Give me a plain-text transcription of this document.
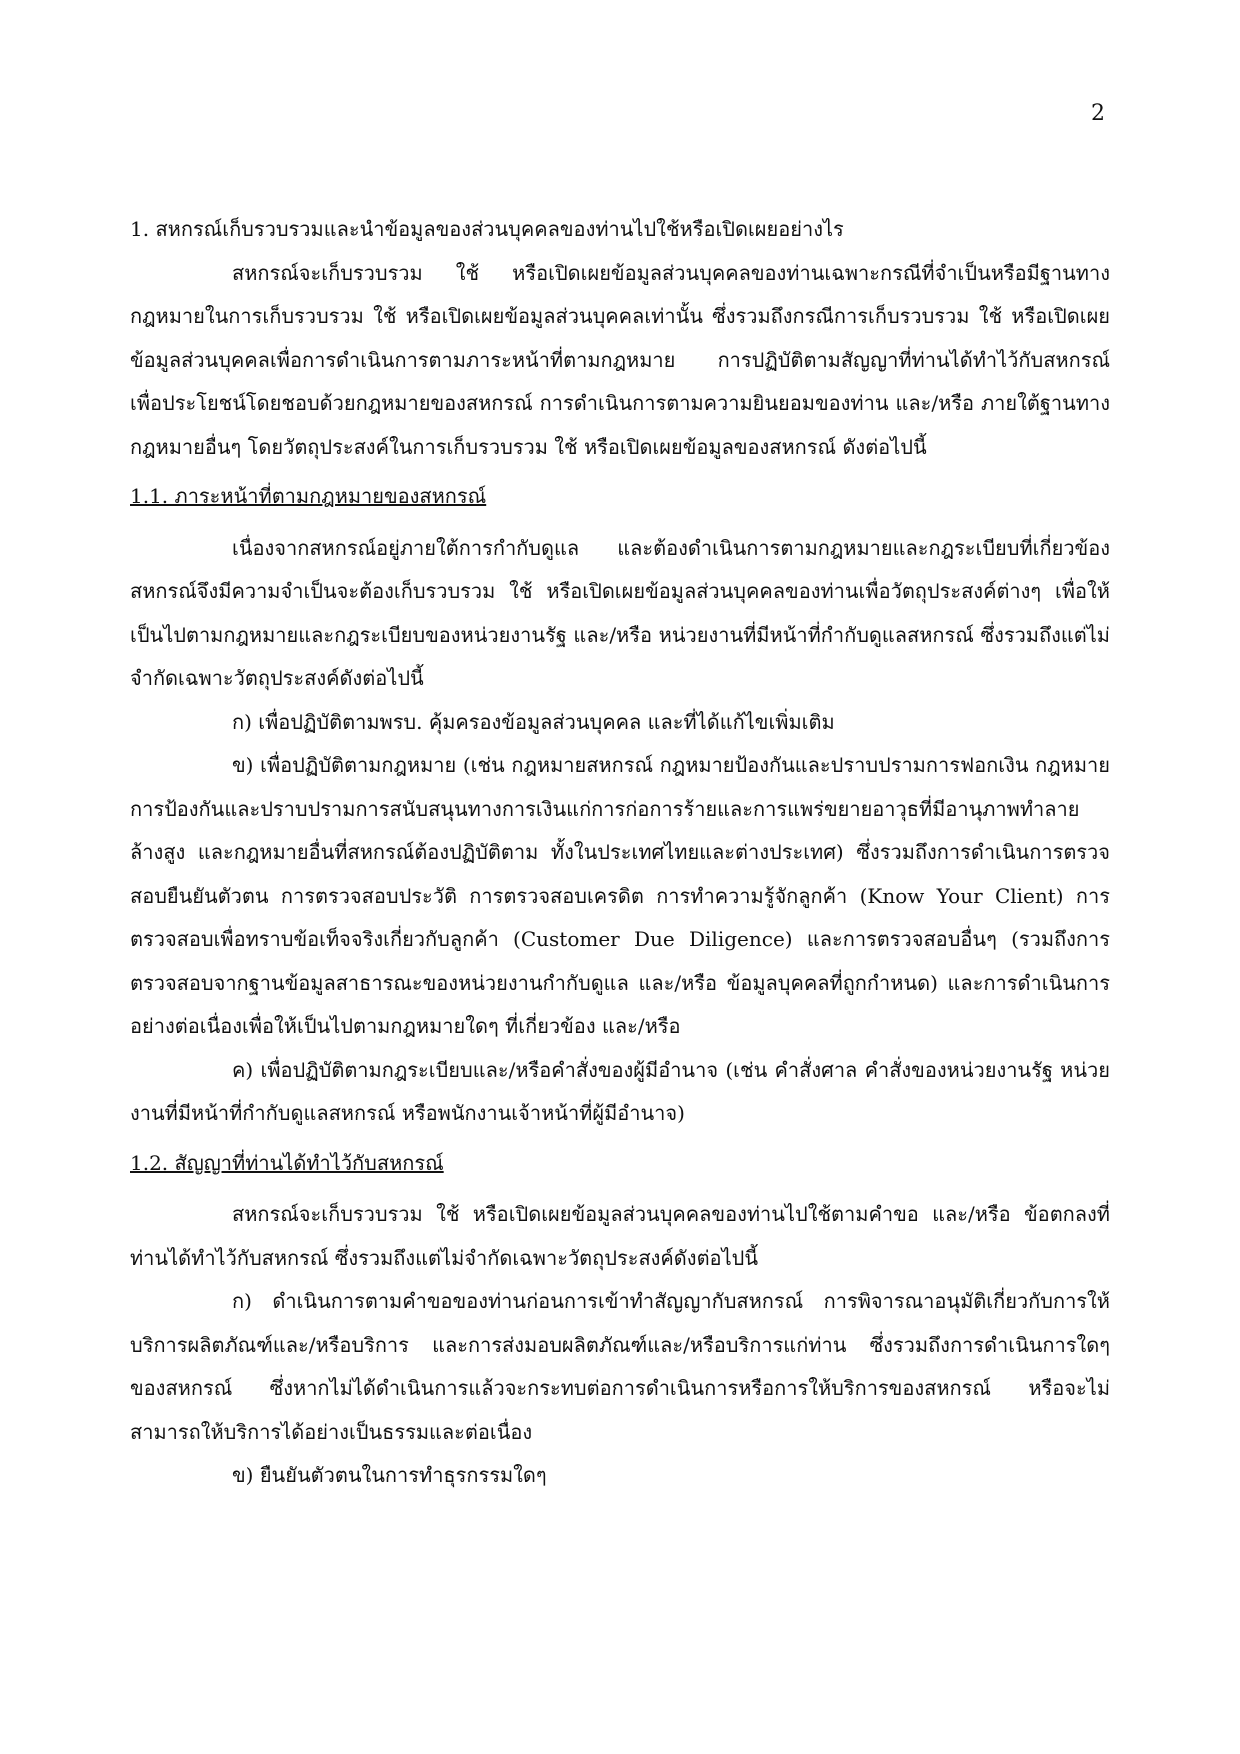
2

1. สหกรณ์เก็บรวบรวมและนำข้อมูลของส่วนบุคคลของท่านไปใช้หรือเปิดเผยอย่างไร

สหกรณ์จะเก็บรวบรวม ใช้ หรือเปิดเผยข้อมูลส่วนบุคคลของท่านเฉพาะกรณีที่จำเป็นหรือมีฐานทางกฎหมายในการเก็บรวบรวม ใช้ หรือเปิดเผยข้อมูลส่วนบุคคลเท่านั้น ซึ่งรวมถึงกรณีการเก็บรวบรวม ใช้ หรือเปิดเผยข้อมูลส่วนบุคคลเพื่อการดำเนินการตามภาระหน้าที่ตามกฎหมาย การปฏิบัติตามสัญญาที่ท่านได้ทำไว้กับสหกรณ์ เพื่อประโยชน์โดยชอบด้วยกฎหมายของสหกรณ์ การดำเนินการตามความยินยอมของท่าน และ/หรือ ภายใต้ฐานทางกฎหมายอื่นๆ โดยวัตถุประสงค์ในการเก็บรวบรวม ใช้ หรือเปิดเผยข้อมูลของสหกรณ์ ดังต่อไปนี้

1.1. ภาระหน้าที่ตามกฎหมายของสหกรณ์

เนื่องจากสหกรณ์อยู่ภายใต้การกำกับดูแล และต้องดำเนินการตามกฎหมายและกฎระเบียบที่เกี่ยวข้อง สหกรณ์จึงมีความจำเป็นจะต้องเก็บรวบรวม ใช้ หรือเปิดเผยข้อมูลส่วนบุคคลของท่านเพื่อวัตถุประสงค์ต่างๆ เพื่อให้เป็นไปตามกฎหมายและกฎระเบียบของหน่วยงานรัฐ และ/หรือ หน่วยงานที่มีหน้าที่กำกับดูแลสหกรณ์ ซึ่งรวมถึงแต่ไม่จำกัดเฉพาะวัตถุประสงค์ดังต่อไปนี้

ก) เพื่อปฏิบัติตามพรบ. คุ้มครองข้อมูลส่วนบุคคล และที่ได้แก้ไขเพิ่มเติม

ข) เพื่อปฏิบัติตามกฎหมาย (เช่น กฎหมายสหกรณ์ กฎหมายป้องกันและปราบปรามการฟอกเงิน กฎหมายการป้องกันและปราบปรามการสนับสนุนทางการเงินแก่การก่อการร้ายและการแพร่ขยายอาวุธที่มีอานุภาพทำลายล้างสูง และกฎหมายอื่นที่สหกรณ์ต้องปฏิบัติตาม ทั้งในประเทศไทยและต่างประเทศ) ซึ่งรวมถึงการดำเนินการตรวจสอบยืนยันตัวตน การตรวจสอบประวัติ การตรวจสอบเครดิต การทำความรู้จักลูกค้า (Know Your Client) การตรวจสอบเพื่อทราบข้อเท็จจริงเกี่ยวกับลูกค้า (Customer Due Diligence) และการตรวจสอบอื่นๆ (รวมถึงการตรวจสอบจากฐานข้อมูลสาธารณะของหน่วยงานกำกับดูแล และ/หรือ ข้อมูลบุคคลที่ถูกกำหนด) และการดำเนินการอย่างต่อเนื่องเพื่อให้เป็นไปตามกฎหมายใดๆ ที่เกี่ยวข้อง และ/หรือ

ค) เพื่อปฏิบัติตามกฎระเบียบและ/หรือคำสั่งของผู้มีอำนาจ (เช่น คำสั่งศาล คำสั่งของหน่วยงานรัฐ หน่วยงานที่มีหน้าที่กำกับดูแลสหกรณ์ หรือพนักงานเจ้าหน้าที่ผู้มีอำนาจ)

1.2. สัญญาที่ท่านได้ทำไว้กับสหกรณ์

สหกรณ์จะเก็บรวบรวม ใช้ หรือเปิดเผยข้อมูลส่วนบุคคลของท่านไปใช้ตามคำขอ และ/หรือ ข้อตกลงที่ท่านได้ทำไว้กับสหกรณ์ ซึ่งรวมถึงแต่ไม่จำกัดเฉพาะวัตถุประสงค์ดังต่อไปนี้

ก) ดำเนินการตามคำขอของท่านก่อนการเข้าทำสัญญากับสหกรณ์ การพิจารณาอนุมัติเกี่ยวกับการให้บริการผลิตภัณฑ์และ/หรือบริการ และการส่งมอบผลิตภัณฑ์และ/หรือบริการแก่ท่าน ซึ่งรวมถึงการดำเนินการใดๆ ของสหกรณ์ ซึ่งหากไม่ได้ดำเนินการแล้วจะกระทบต่อการดำเนินการหรือการให้บริการของสหกรณ์ หรือจะไม่สามารถให้บริการได้อย่างเป็นธรรมและต่อเนื่อง

ข) ยืนยันตัวตนในการทำธุรกรรมใดๆ
